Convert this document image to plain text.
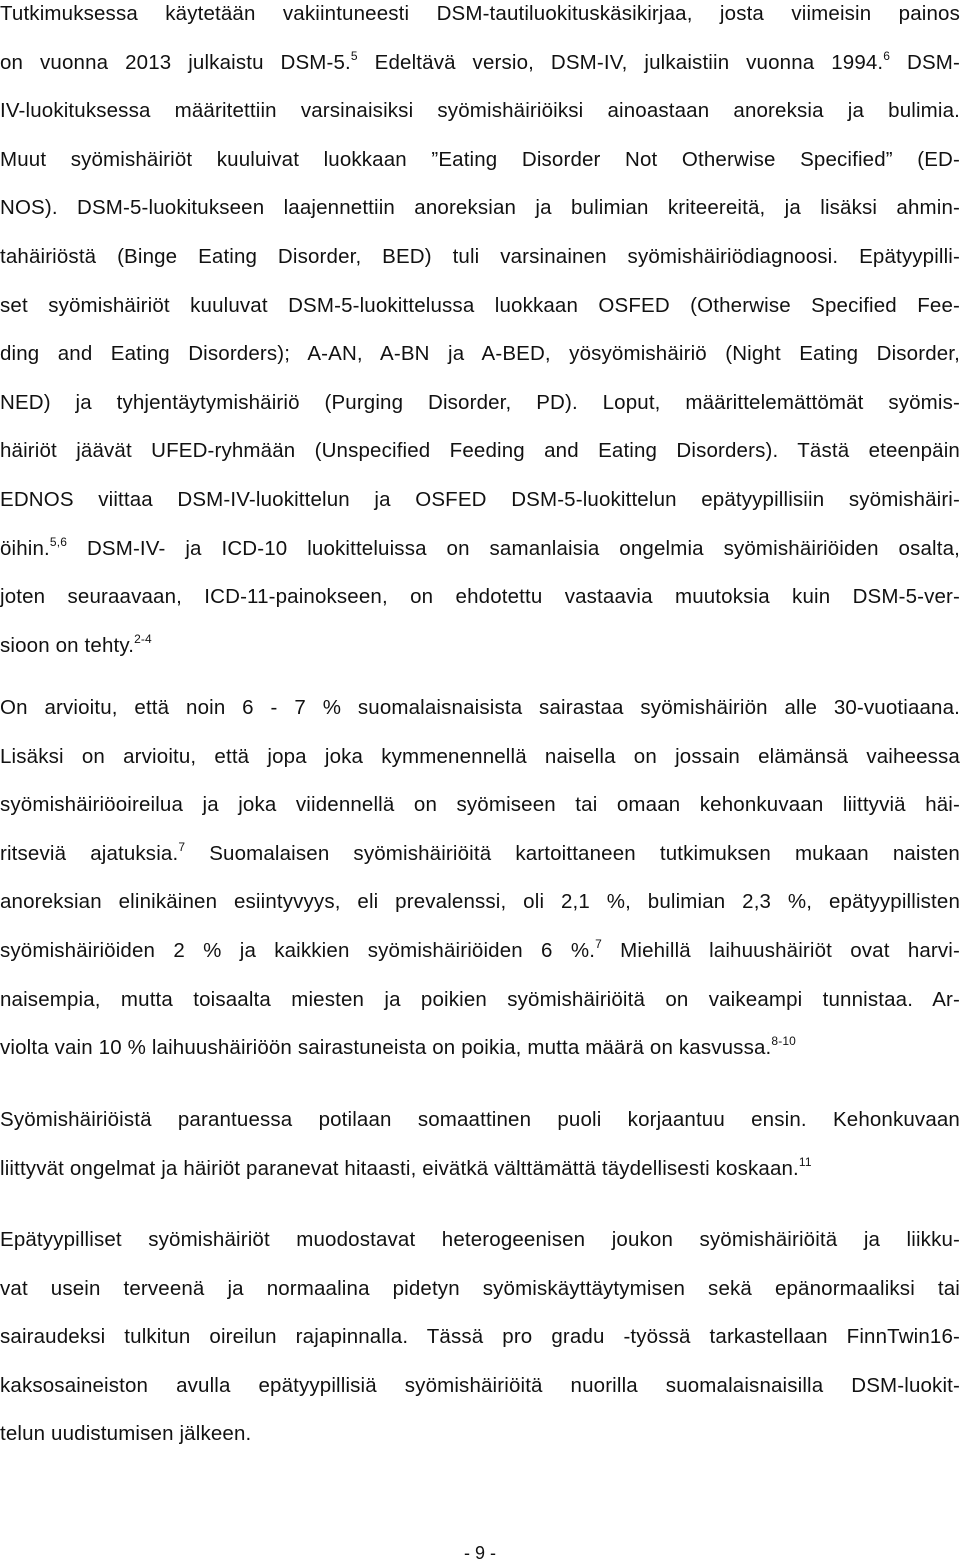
Tutkimuksessa käytetään vakiintuneesti DSM-tautiluokituskäsikirjaa, josta viimeisin painos
on vuonna 2013 julkaistu DSM-5.$^5$ Edeltävä versio, DSM-IV, julkaistiin vuonna 1994.$^6$ DSM-
IV-luokituksessa määritettiin varsinaisiksi syömishäiriöiksi ainoastaan anoreksia ja bulimia.
Muut syömishäiriöt kuuluivat luokkaan ”Eating Disorder Not Otherwise Specified” (ED-
NOS). DSM-5-luokitukseen laajennettiin anoreksian ja bulimian kriteereitä, ja lisäksi ahmin-
tahäiriöstä (Binge Eating Disorder, BED) tuli varsinainen syömishäiriödiagnoosi. Epätyypilli-
set syömishäiriöt kuuluvat DSM-5-luokittelussa luokkaan OSFED (Otherwise Specified Fee-
ding and Eating Disorders); A-AN, A-BN ja A-BED, yösyömishäiriö (Night Eating Disorder,
NED) ja tyhjentäytymishäiriö (Purging Disorder, PD). Loput, määrittelemättömät syömis-
häiriöt jäävät UFED-ryhmään (Unspecified Feeding and Eating Disorders). Tästä eteenpäin
EDNOS viittaa DSM-IV-luokittelun ja OSFED DSM-5-luokittelun epätyypillisiin syömishäiri-
öihin.$^{5,6}$ DSM-IV- ja ICD-10 luokitteluissa on samanlaisia ongelmia syömishäiriöiden osalta,
joten seuraavaan, ICD-11-painokseen, on ehdotettu vastaavia muutoksia kuin DSM-5-ver-
sioon on tehty.$^{2-4}$
On arvioitu, että noin 6 - 7 % suomalaisnaisista sairastaa syömishäiriön alle 30-vuotiaana.
Lisäksi on arvioitu, että jopa joka kymmenennellä naisella on jossain elämänsä vaiheessa
syömishäiriöoireilua ja joka viidennellä on syömiseen tai omaan kehonkuvaan liittyviä häi-
ritseviä ajatuksia.$^7$ Suomalaisen syömishäiriöitä kartoittaneen tutkimuksen mukaan naisten
anoreksian elinikäinen esiintyvyys, eli prevalenssi, oli 2,1 %, bulimian 2,3 %, epätyypillisten
syömishäiriöiden 2 % ja kaikkien syömishäiriöiden 6 %.$^7$ Miehillä laihuushäiriöt ovat harvi-
naisempia, mutta toisaalta miesten ja poikien syömishäiriöitä on vaikeampi tunnistaa. Ar-
violta vain 10 % laihuushäiriöön sairastuneista on poikia, mutta määrä on kasvussa.$^{8-10}$
Syömishäiriöistä parantuessa potilaan somaattinen puoli korjaantuu ensin. Kehonkuvaan
liittyvät ongelmat ja häiriöt paranevat hitaasti, eivätkä välttämättä täydellisesti koskaan.$^{11}$
Epätyypilliset syömishäiriöt muodostavat heterogeenisen joukon syömishäiriöitä ja liikku-
vat usein terveenä ja normaalina pidetyn syömiskäyttäytymisen sekä epänormaaliksi tai
sairaudeksi tulkitun oireilun rajapinnalla. Tässä pro gradu -työssä tarkastellaan FinnTwin16-
kaksosaineiston avulla epätyypillisiä syömishäiriöitä nuorilla suomalaisnaisilla DSM-luokit-
telun uudistumisen jälkeen.
- 9 -
